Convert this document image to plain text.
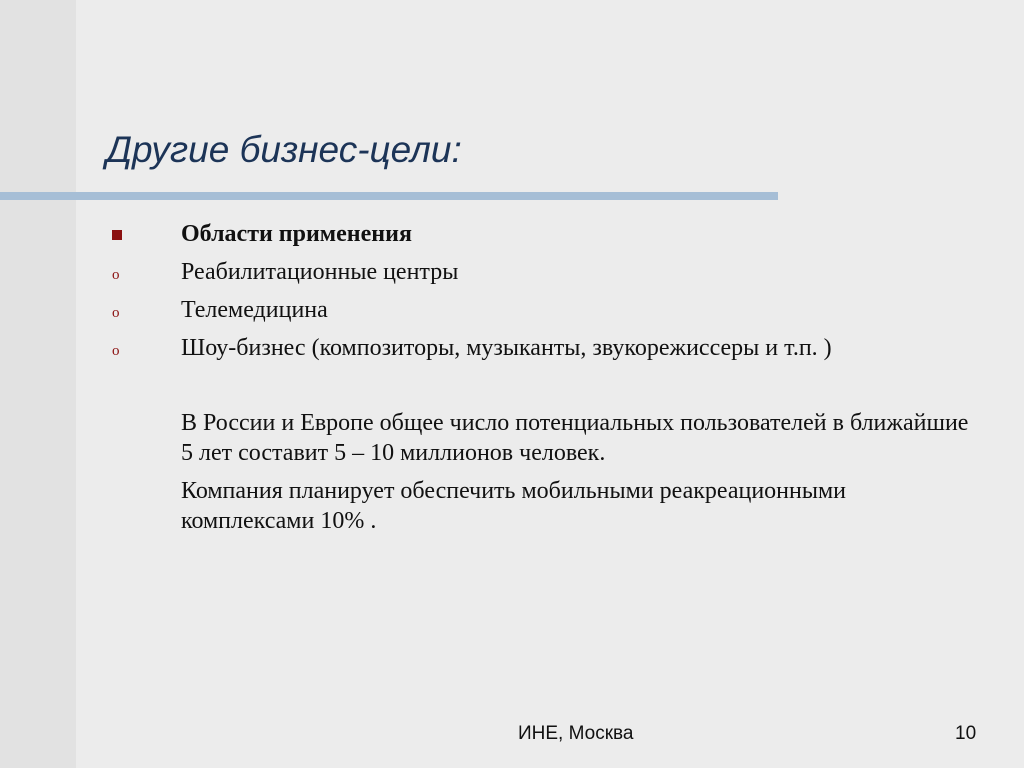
Другие бизнес-цели:
Области применения
o	Реабилитационные центры
o	Телемедицина
o	Шоу-бизнес (композиторы, музыканты, звукорежиссеры и т.п. )

В России и Европе общее число потенциальных пользователей в ближайшие 5 лет составит 5 – 10 миллионов человек.

Компания планирует обеспечить мобильными реакреационными комплексами 10% .

ИНЕ, Москва	10
